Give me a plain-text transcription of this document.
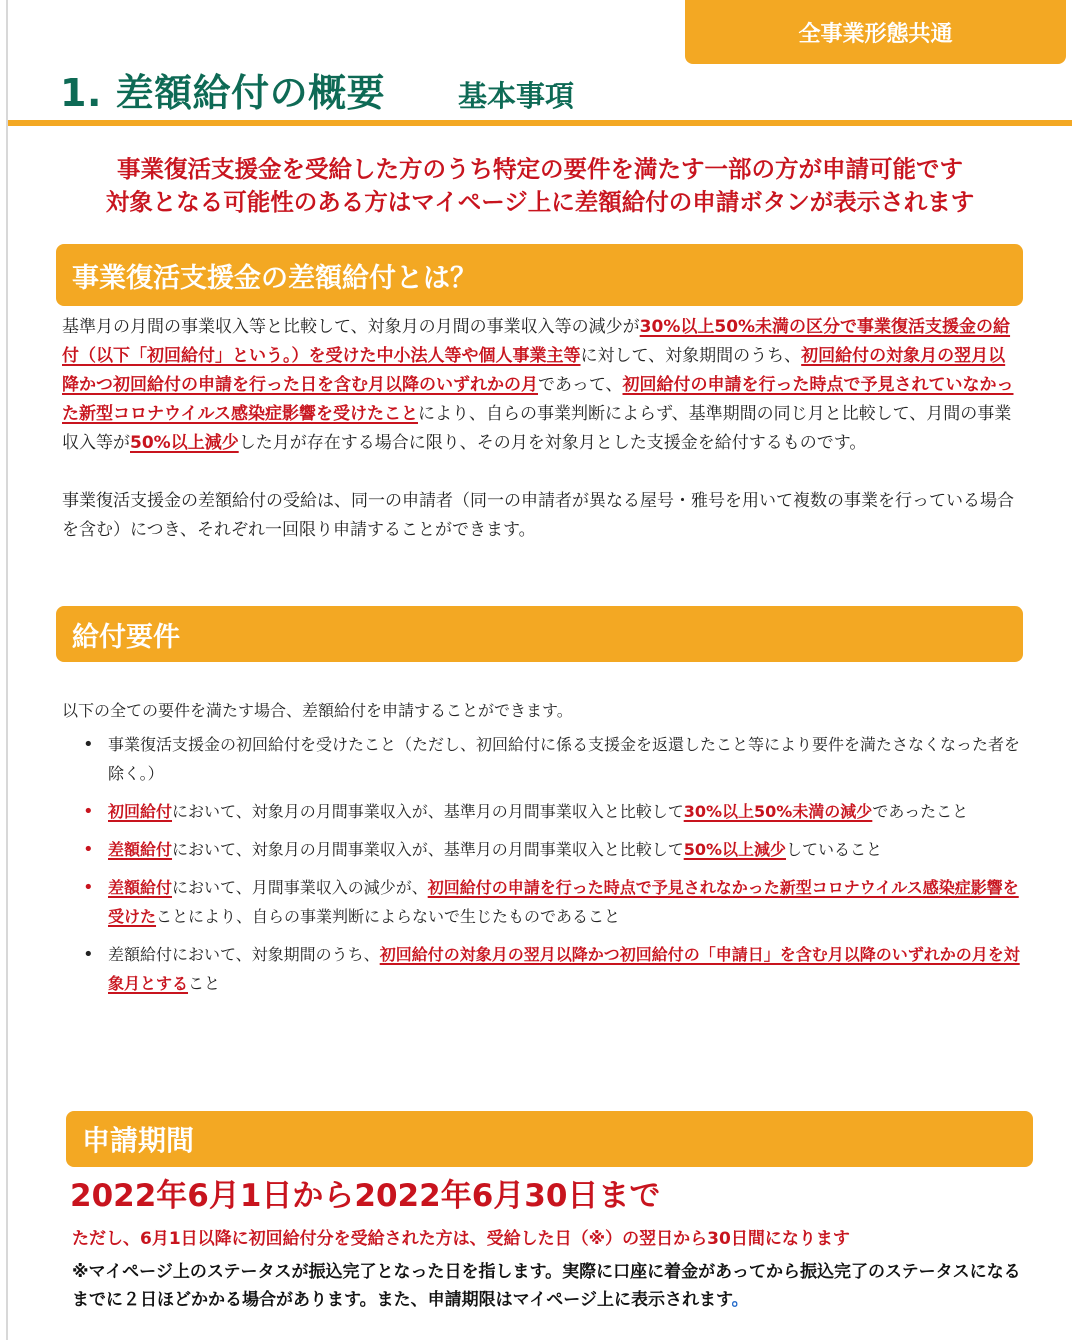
全事業形態共通
1. 差額給付の概要	基本事項
事業復活支援金を受給した方のうち特定の要件を満たす一部の方が申請可能です
対象となる可能性のある方はマイページ上に差額給付の申請ボタンが表示されます
事業復活支援金の差額給付とは？
基準月の月間の事業収入等と比較して、対象月の月間の事業収入等の減少が30%以上50%未満の区分で事業復活支援金の給付（以下「初回給付」という。）を受けた中小法人等や個人事業主等に対して、対象期間のうち、初回給付の対象月の翌月以降かつ初回給付の申請を行った日を含む月以降のいずれかの月であって、初回給付の申請を行った時点で予見されていなかった新型コロナウイルス感染症影響を受けたことにより、自らの事業判断によらず、基準期間の同じ月と比較して、月間の事業収入等が50%以上減少した月が存在する場合に限り、その月を対象月とした支援金を給付するものです。
事業復活支援金の差額給付の受給は、同一の申請者（同一の申請者が異なる屋号・雅号を用いて複数の事業を行っている場合を含む）につき、それぞれ一回限り申請することができます。
給付要件
以下の全ての要件を満たす場合、差額給付を申請することができます。
• 事業復活支援金の初回給付を受けたこと（ただし、初回給付に係る支援金を返還したこと等により要件を満たさなくなった者を除く。）
• 初回給付において、対象月の月間事業収入が、基準月の月間事業収入と比較して30%以上50%未満の減少であったこと
• 差額給付において、対象月の月間事業収入が、基準月の月間事業収入と比較して50%以上減少していること
• 差額給付において、月間事業収入の減少が、初回給付の申請を行った時点で予見されなかった新型コロナウイルス感染症影響を受けたことにより、自らの事業判断によらないで生じたものであること
• 差額給付において、対象期間のうち、初回給付の対象月の翌月以降かつ初回給付の「申請日」を含む月以降のいずれかの月を対象月とすること
申請期間
2022年6月1日から2022年6月30日まで
ただし、6月1日以降に初回給付分を受給された方は、受給した日（※）の翌日から30日間になります
※マイページ上のステータスが振込完了となった日を指します。実際に口座に着金があってから振込完了のステータスになるまでに２日ほどかかる場合があります。また、申請期限はマイページ上に表示されます。
